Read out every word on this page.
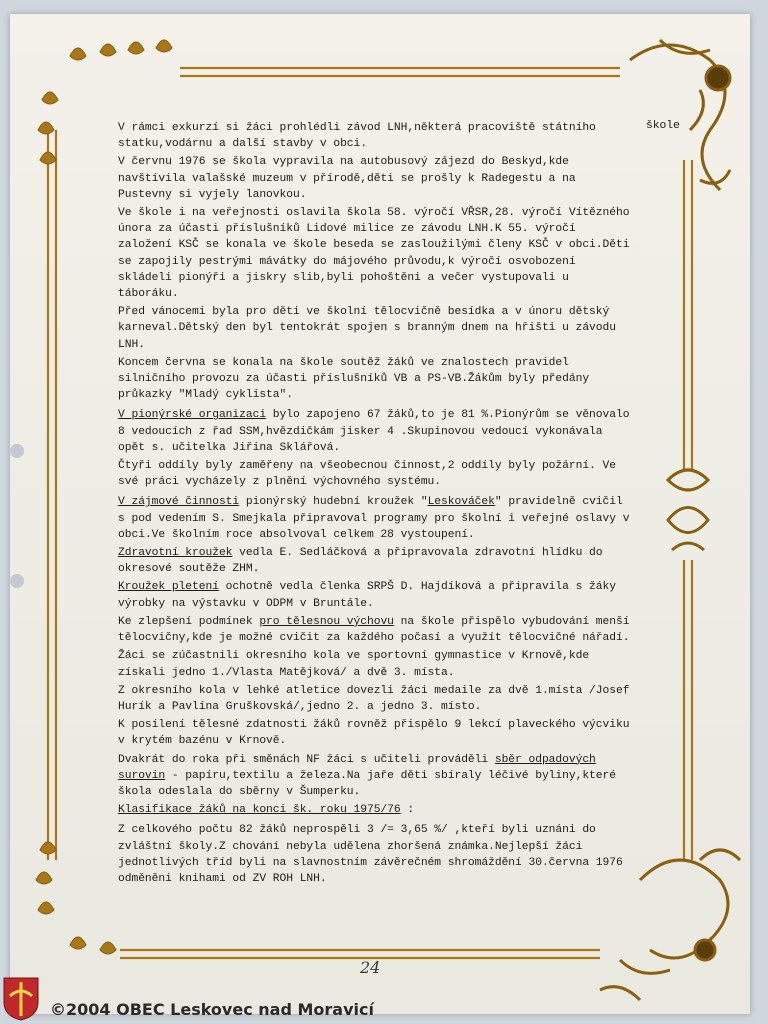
škole

V rámci exkurzí si žáci prohlédli závod LNH,některá pracoviště státního statku,vodárnu a další stavby v obci.

V červnu 1976 se škola vypravila na autobusový zájezd do Beskyd,kde navštívila valašské muzeum v přírodě,děti se prošly k Radegestu a na Pustevny si vyjely lanovkou.

Ve škole i na veřejnosti oslavila škola 58. výročí VŘSR,28. výročí Vítězného února za účasti příslušníků Lidové milice ze závodu LNH.K 55. výročí založení KSČ se konala ve škole beseda se zasloužilými členy KSČ v obci.Děti se zapojily pestrými mávátky do májového průvodu,k výročí osvobození skládeli pionýři a jiskry slib,byli pohoštěni a večer vystupovali u táboráku.

Před vánocemi byla pro děti ve školní tělocvičně besídka a v únoru dětský karneval.Dětský den byl tentokrát spojen s branným dnem na hřišti u závodu LNH.

Koncem června se konala na škole soutěž žáků ve znalostech pravidel silničního provozu za účasti příslušníků VB a PS-VB.Žákům byly předány průkazky "Mladý cyklista".

V pionýrské organizaci bylo zapojeno 67 žáků,to je 81 %.Pionýrům se věnovalo 8 vedoucích z řad SSM,hvězdičkám jisker 4 .Skupinovou vedoucí vykonávala opět s. učitelka Jiřina Sklářová.

Čtyři oddíly byly zaměřeny na všeobecnou činnost,2 oddíly byly požární. Ve své práci vycházely z plnění výchovného systému.

V zájmové činnosti pionýrský hudební kroužek "Leskováček" pravidelně cvičil s pod vedením S. Smejkala připravoval programy pro školní i veřejné oslavy v obci.Ve školním roce absolvoval celkem 28 vystoupení.

Zdravotní kroužek vedla E. Sedláčková a připravovala zdravotní hlídku do okresové soutěže ZHM.

Kroužek pletení ochotně vedla členka SRPŠ D. Hajdíková a připravila s žáky výrobky na výstavku v ODPM v Bruntále.

Ke zlepšení podmínek pro tělesnou výchovu na škole přispělo vybudování menší tělocvičny,kde je možné cvičit za každého počasí a využít tělocvičné nářadí.

Žáci se zúčastnili okresního kola ve sportovní gymnastice v Krnově,kde získali jedno 1./Vlasta Matějková/ a dvě 3. místa.

Z okresního kola v lehké atletice dovezli žáci medaile za dvě 1.místa /Josef Hurík a Pavlína Gruškovská/,jedno 2. a jedno 3. místo.

K posílení tělesné zdatnosti žáků rovněž přispělo 9 lekcí plaveckého výcviku v krytém bazénu v Krnově.

Dvakrát do roka při směnách NF žáci s učiteli prováděli sběr odpadových surovin - papíru,textilu a železa.Na jaře děti sbíraly léčivé byliny,které škola odeslala do sběrny v Šumperku.

Klasifikace žáků na konci šk. roku 1975/76 :

Z celkového počtu 82 žáků neprospěli 3 /= 3,65 %/ ,kteří byli uznáni do zvláštní školy.Z chování nebyla udělena zhoršená známka.Nejlepší žáci jednotlivých tříd byli na slavnostním závěrečném shromáždění 30.června 1976 odměněni knihami od ZV ROH LNH.

24
©2004 OBEC Leskovec nad Moravicí
